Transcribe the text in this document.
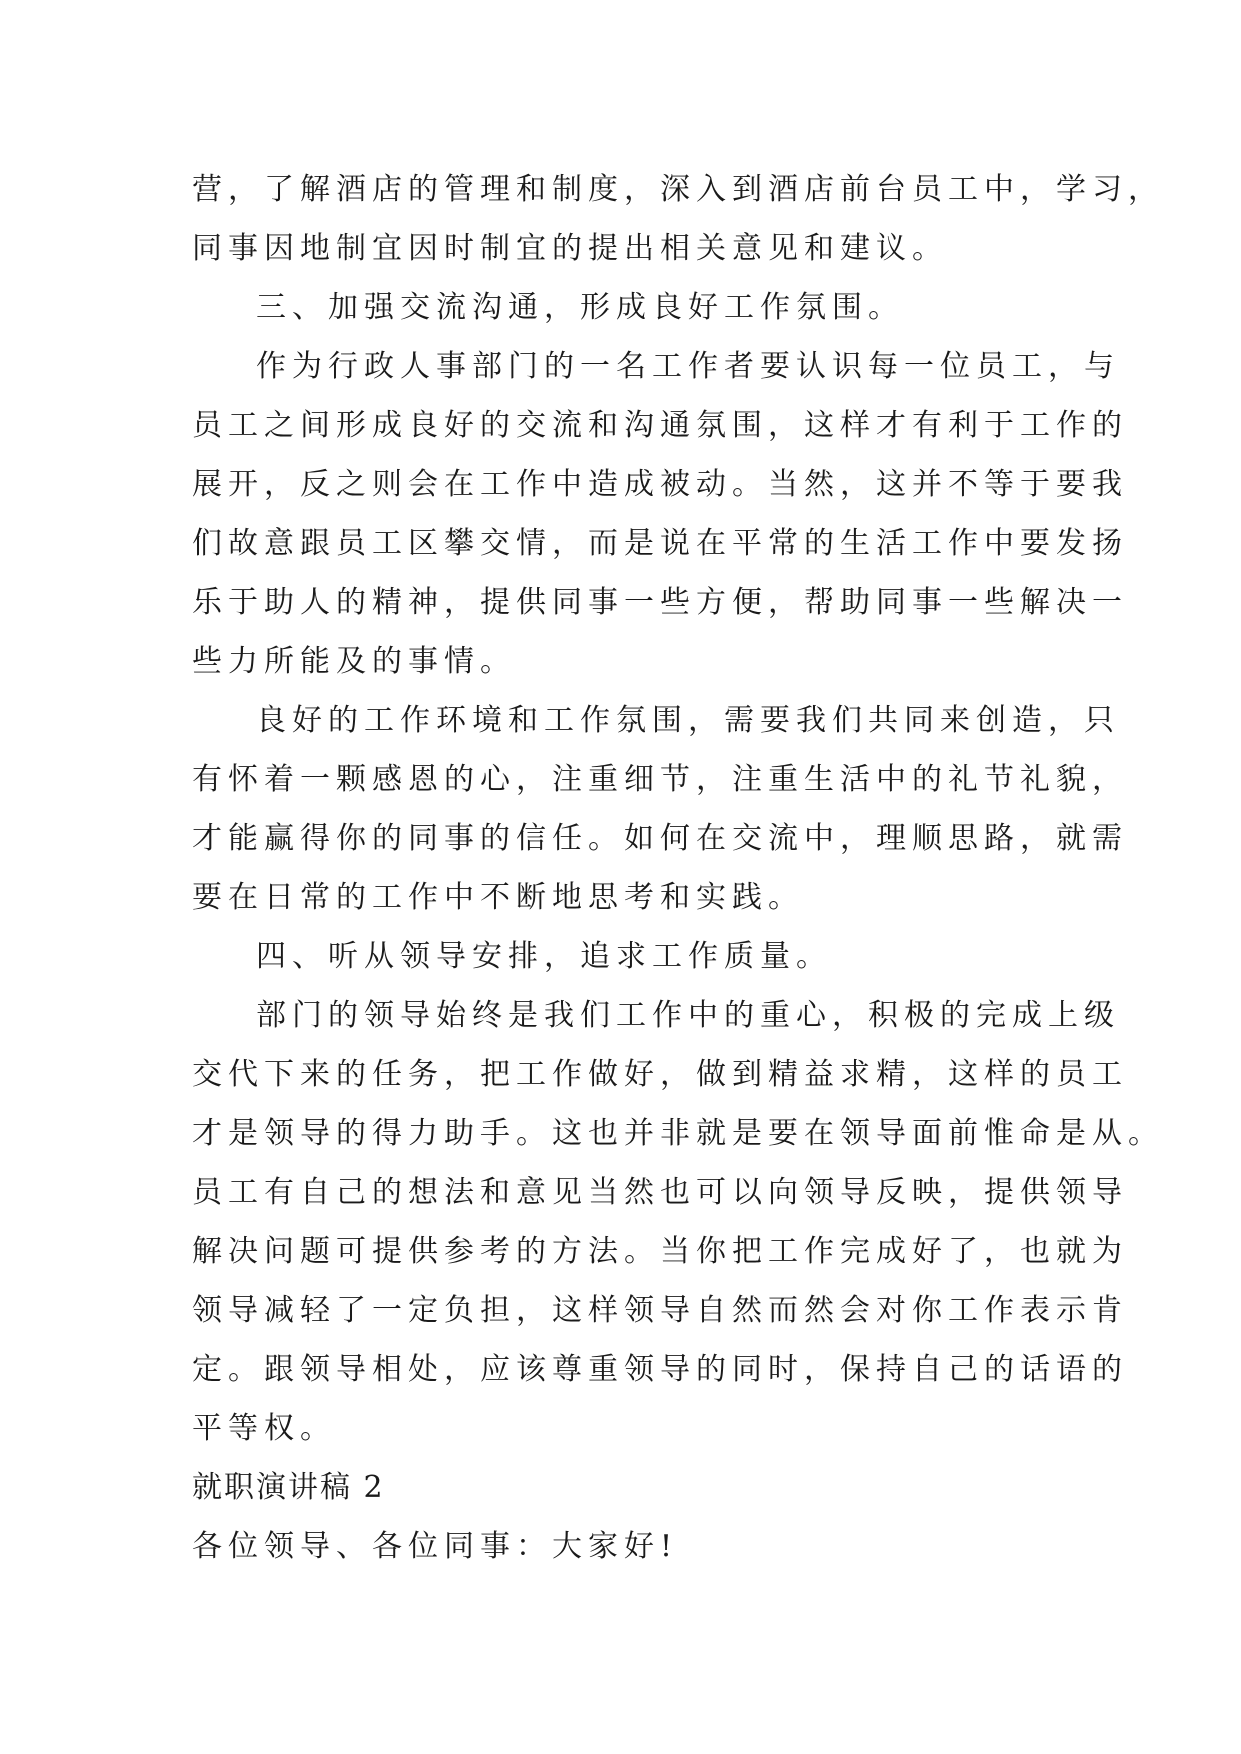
营，了解酒店的管理和制度，深入到酒店前台员工中，学习，
同事因地制宜因时制宜的提出相关意见和建议。
三、加强交流沟通，形成良好工作氛围。
作为行政人事部门的一名工作者要认识每一位员工，与
员工之间形成良好的交流和沟通氛围，这样才有利于工作的
展开，反之则会在工作中造成被动。当然，这并不等于要我
们故意跟员工区攀交情，而是说在平常的生活工作中要发扬
乐于助人的精神，提供同事一些方便，帮助同事一些解决一
些力所能及的事情。
良好的工作环境和工作氛围，需要我们共同来创造，只
有怀着一颗感恩的心，注重细节，注重生活中的礼节礼貌，
才能赢得你的同事的信任。如何在交流中，理顺思路，就需
要在日常的工作中不断地思考和实践。
四、听从领导安排，追求工作质量。
部门的领导始终是我们工作中的重心，积极的完成上级
交代下来的任务，把工作做好，做到精益求精，这样的员工
才是领导的得力助手。这也并非就是要在领导面前惟命是从。
员工有自己的想法和意见当然也可以向领导反映，提供领导
解决问题可提供参考的方法。当你把工作完成好了，也就为
领导减轻了一定负担，这样领导自然而然会对你工作表示肯
定。跟领导相处，应该尊重领导的同时，保持自己的话语的
平等权。
就职演讲稿 2
各位领导、各位同事：大家好!
